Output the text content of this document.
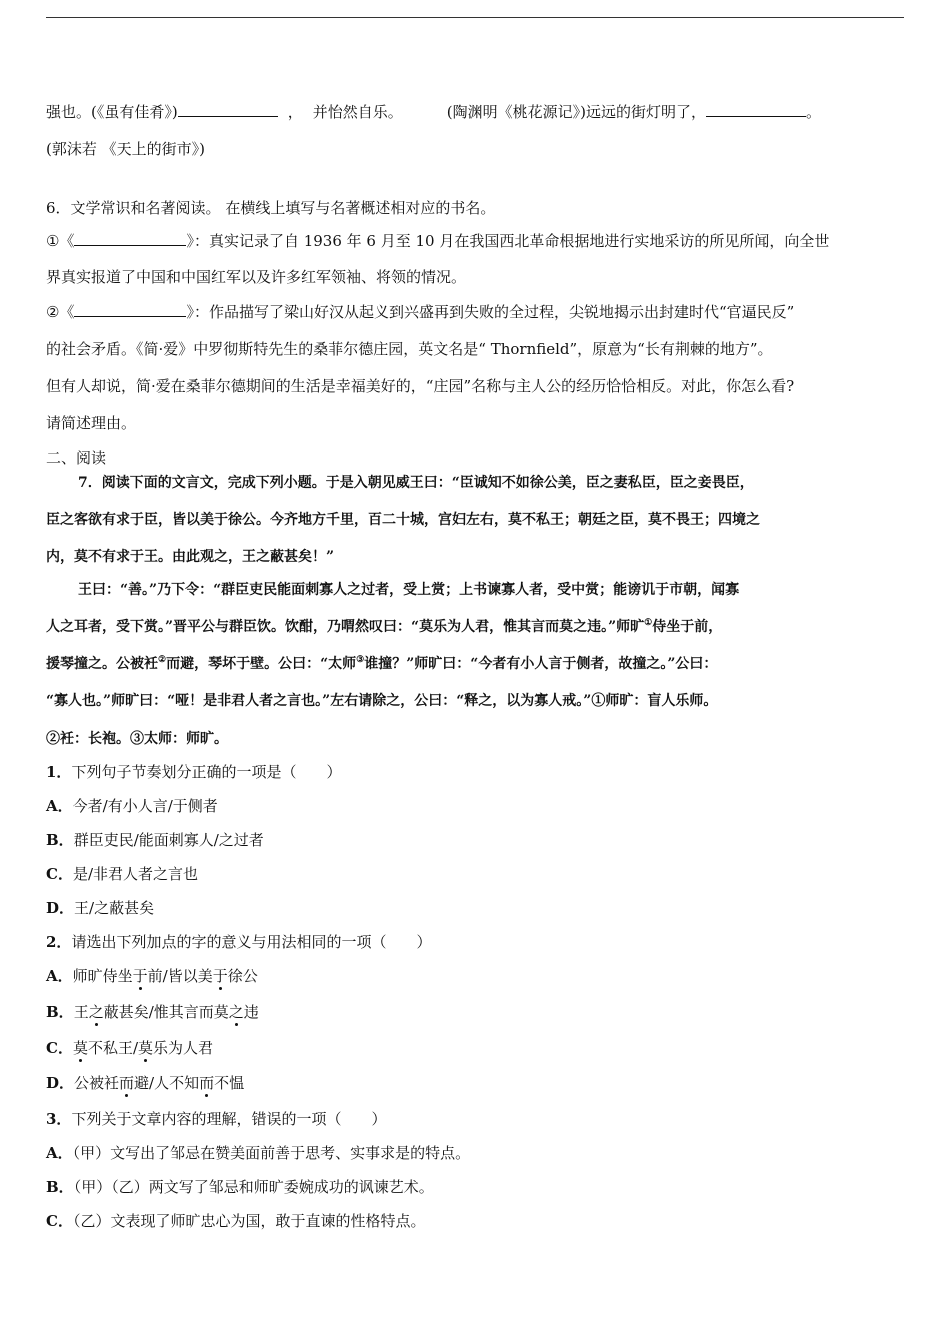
强也。(《虽有佳肴》)	， 并怡然自乐。	(陶渊明《桃花源记》)远远的街灯明了，	。
(郭沫若 《天上的街市》)
6．文学常识和名著阅读。 在横线上填写与名著概述相对应的书名。
①《	》：真实记录了自 1936 年 6 月至 10 月在我国西北革命根据地进行实地采访的所见所闻，向全世
界真实报道了中国和中国红军以及许多红军领袖、将领的情况。
②《	》：作品描写了梁山好汉从起义到兴盛再到失败的全过程，尖锐地揭示出封建时代“官逼民反”
的社会矛盾。《简·爱》中罗彻斯特先生的桑菲尔德庄园，英文名是“ Thornfield”，原意为“长有荆棘的地方”。
但有人却说，简·爱在桑菲尔德期间的生活是幸福美好的，“庄园”名称与主人公的经历恰恰相反。对此，你怎么看?
请简述理由。
二、阅读
7．阅读下面的文言文，完成下列小题。于是入朝见威王曰：“臣诚知不如徐公美，臣之妻私臣，臣之妾畏臣，
臣之客欲有求于臣，皆以美于徐公。今齐地方千里，百二十城，宫妇左右，莫不私王；朝廷之臣，莫不畏王；四境之
内，莫不有求于王。由此观之，王之蔽甚矣！”
王曰：“善。”乃下令：“群臣吏民能面刺寡人之过者，受上赏；上书谏寡人者，受中赏；能谤讥于市朝，闻寡
人之耳者，受下赏。”晋平公与群臣饮。饮酣，乃喟然叹曰：“莫乐为人君，惟其言而莫之违。”师旷①侍坐于前，
援琴撞之。公被衽②而避，琴坏于壁。公曰：“太师③谁撞？”师旷曰：“今者有小人言于侧者，故撞之。”公曰：
“寡人也。”师旷曰：“哑！是非君人者之言也。”左右请除之，公曰：“释之，以为寡人戒。”①师旷：盲人乐师。
②衽：长袍。③太师：师旷。
1．下列句子节奏划分正确的一项是（　　）
A．今者/有小人言/于侧者
B．群臣吏民/能面刺寡人/之过者
C．是/非君人者之言也
D．王/之蔽甚矣
2．请选出下列加点的字的意义与用法相同的一项（　　）
A．师旷侍坐于前/皆以美于徐公
B．王之蔽甚矣/惟其言而莫之违
C．莫不私王/莫乐为人君
D．公被衽而避/人不知而不愠
3．下列关于文章内容的理解，错误的一项（　　）
A．（甲）文写出了邹忌在赞美面前善于思考、实事求是的特点。
B．（甲）（乙）两文写了邹忌和师旷委婉成功的讽谏艺术。
C．（乙）文表现了师旷忠心为国，敢于直谏的性格特点。
